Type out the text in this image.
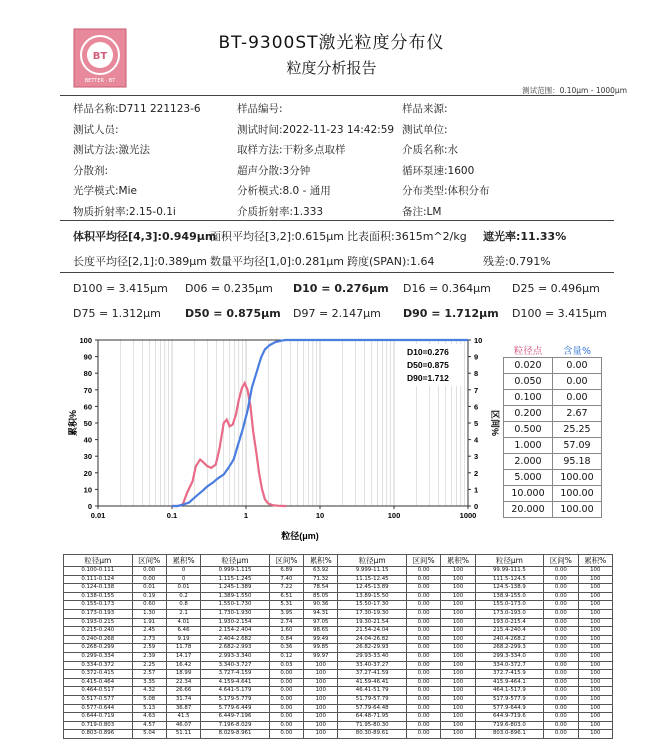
BT
BETTER · BT
BT-9300ST激光粒度分布仪
粒度分析报告
测试范围：0.10μm - 1000μm
样品名称:D711 221123-6	样品编号:	样品来源:
测试人员:	测试时间:2022-11-23 14:42:59 测试单位:
测试方法:激光法	取样方法:干粉多点取样	介质名称:水
分散剂:	超声分散:3分钟	循环泵速:1600
光学模式:Mie	分析模式:8.0 - 通用	分布类型:体积分布
物质折射率:2.15-0.1i	介质折射率:1.333	备注:LM
体积平均径[4,3]:0.949μm
面积平均径[3,2]:0.615μm 比表面积:3615m^2/kg 遮光率:11.33%
长度平均径[2,1]:0.389μm 数量平均径[1,0]:0.281μm 跨度(SPAN):1.64	残差:0.791%
D100 = 3.415μm D06 = 0.235μm D10 = 0.276μm D16 = 0.364μm D25 = 0.496μm
D75 = 1.312μm D50 = 0.875μm D97 = 2.147μm D90 = 1.712μm D100 = 3.415μm
0
10
20
30
40
50
60
70
80
90
100
0
1
2
3
4
5
6
7
8
9
10
0.01	0.1	1	10	100	1000
累积%	区间%
粒径(μm)
D10=0.276
D50=0.875
D90=1.712
粒径点	含量%
0.020	0.00
0.050	0.00
0.100	0.00
0.200	2.67
0.500	25.25
1.000	57.09
2.000	95.18
5.000	100.00
10.000	100.00
20.000	100.00
粒径μm	区间%	累积%	粒径μm	区间%	累积%	粒径μm	区间%	累积%	粒径μm	区间%	累积%
0.100-0.111	0.00	0	0.999-1.115	6.89	63.92	9.999-11.15	0.00	100	99.99-111.5	0.00	100
0.111-0.124	0.00	0	1.115-1.245	7.40	71.32	11.15-12.45	0.00	100	111.5-124.5	0.00	100
0.124-0.138	0.01	0.01	1.245-1.389	7.22	78.54	12.45-13.89	0.00	100	124.5-138.9	0.00	100
0.138-0.155	0.19	0.2	1.389-1.550	6.51	85.05	13.89-15.50	0.00	100	138.9-155.0	0.00	100
0.155-0.173	0.60	0.8	1.550-1.730	5.31	90.36	15.50-17.30	0.00	100	155.0-173.0	0.00	100
0.173-0.193	1.30	2.1	1.730-1.930	3.95	94.31	17.30-19.30	0.00	100	173.0-193.0	0.00	100
0.193-0.215	1.91	4.01	1.930-2.154	2.74	97.05	19.30-21.54	0.00	100	193.0-215.4	0.00	100
0.215-0.240	2.45	6.46	2.154-2.404	1.60	98.65	21.54-24.04	0.00	100	215.4-240.4	0.00	100
0.240-0.268	2.73	9.19	2.404-2.682	0.84	99.49	24.04-26.82	0.00	100	240.4-268.2	0.00	100
0.268-0.299	2.59	11.78	2.682-2.993	0.36	99.85	26.82-29.93	0.00	100	268.2-299.3	0.00	100
0.299-0.334	2.39	14.17	2.993-3.340	0.12	99.97	29.93-33.40	0.00	100	299.3-334.0	0.00	100
0.334-0.372	2.25	16.42	3.340-3.727	0.03	100	33.40-37.27	0.00	100	334.0-372.7	0.00	100
0.372-0.415	2.57	18.99	3.727-4.159	0.00	100	37.27-41.59	0.00	100	372.7-415.9	0.00	100
0.415-0.464	3.35	22.34	4.159-4.641	0.00	100	41.59-46.41	0.00	100	415.9-464.1	0.00	100
0.464-0.517	4.32	26.66	4.641-5.179	0.00	100	46.41-51.79	0.00	100	464.1-517.9	0.00	100
0.517-0.577	5.08	31.74	5.179-5.779	0.00	100	51.79-57.79	0.00	100	517.9-577.9	0.00	100
0.577-0.644	5.13	36.87	5.779-6.449	0.00	100	57.79-64.48	0.00	100	577.9-644.9	0.00	100
0.644-0.719	4.63	41.5	6.449-7.196	0.00	100	64.48-71.95	0.00	100	644.9-719.6	0.00	100
0.719-0.803	4.57	46.07	7.196-8.029	0.00	100	71.95-80.30	0.00	100	719.6-803.0	0.00	100
0.803-0.896	5.04	51.11	8.029-8.961	0.00	100	80.30-89.61	0.00	100	803.0-896.1	0.00	100
